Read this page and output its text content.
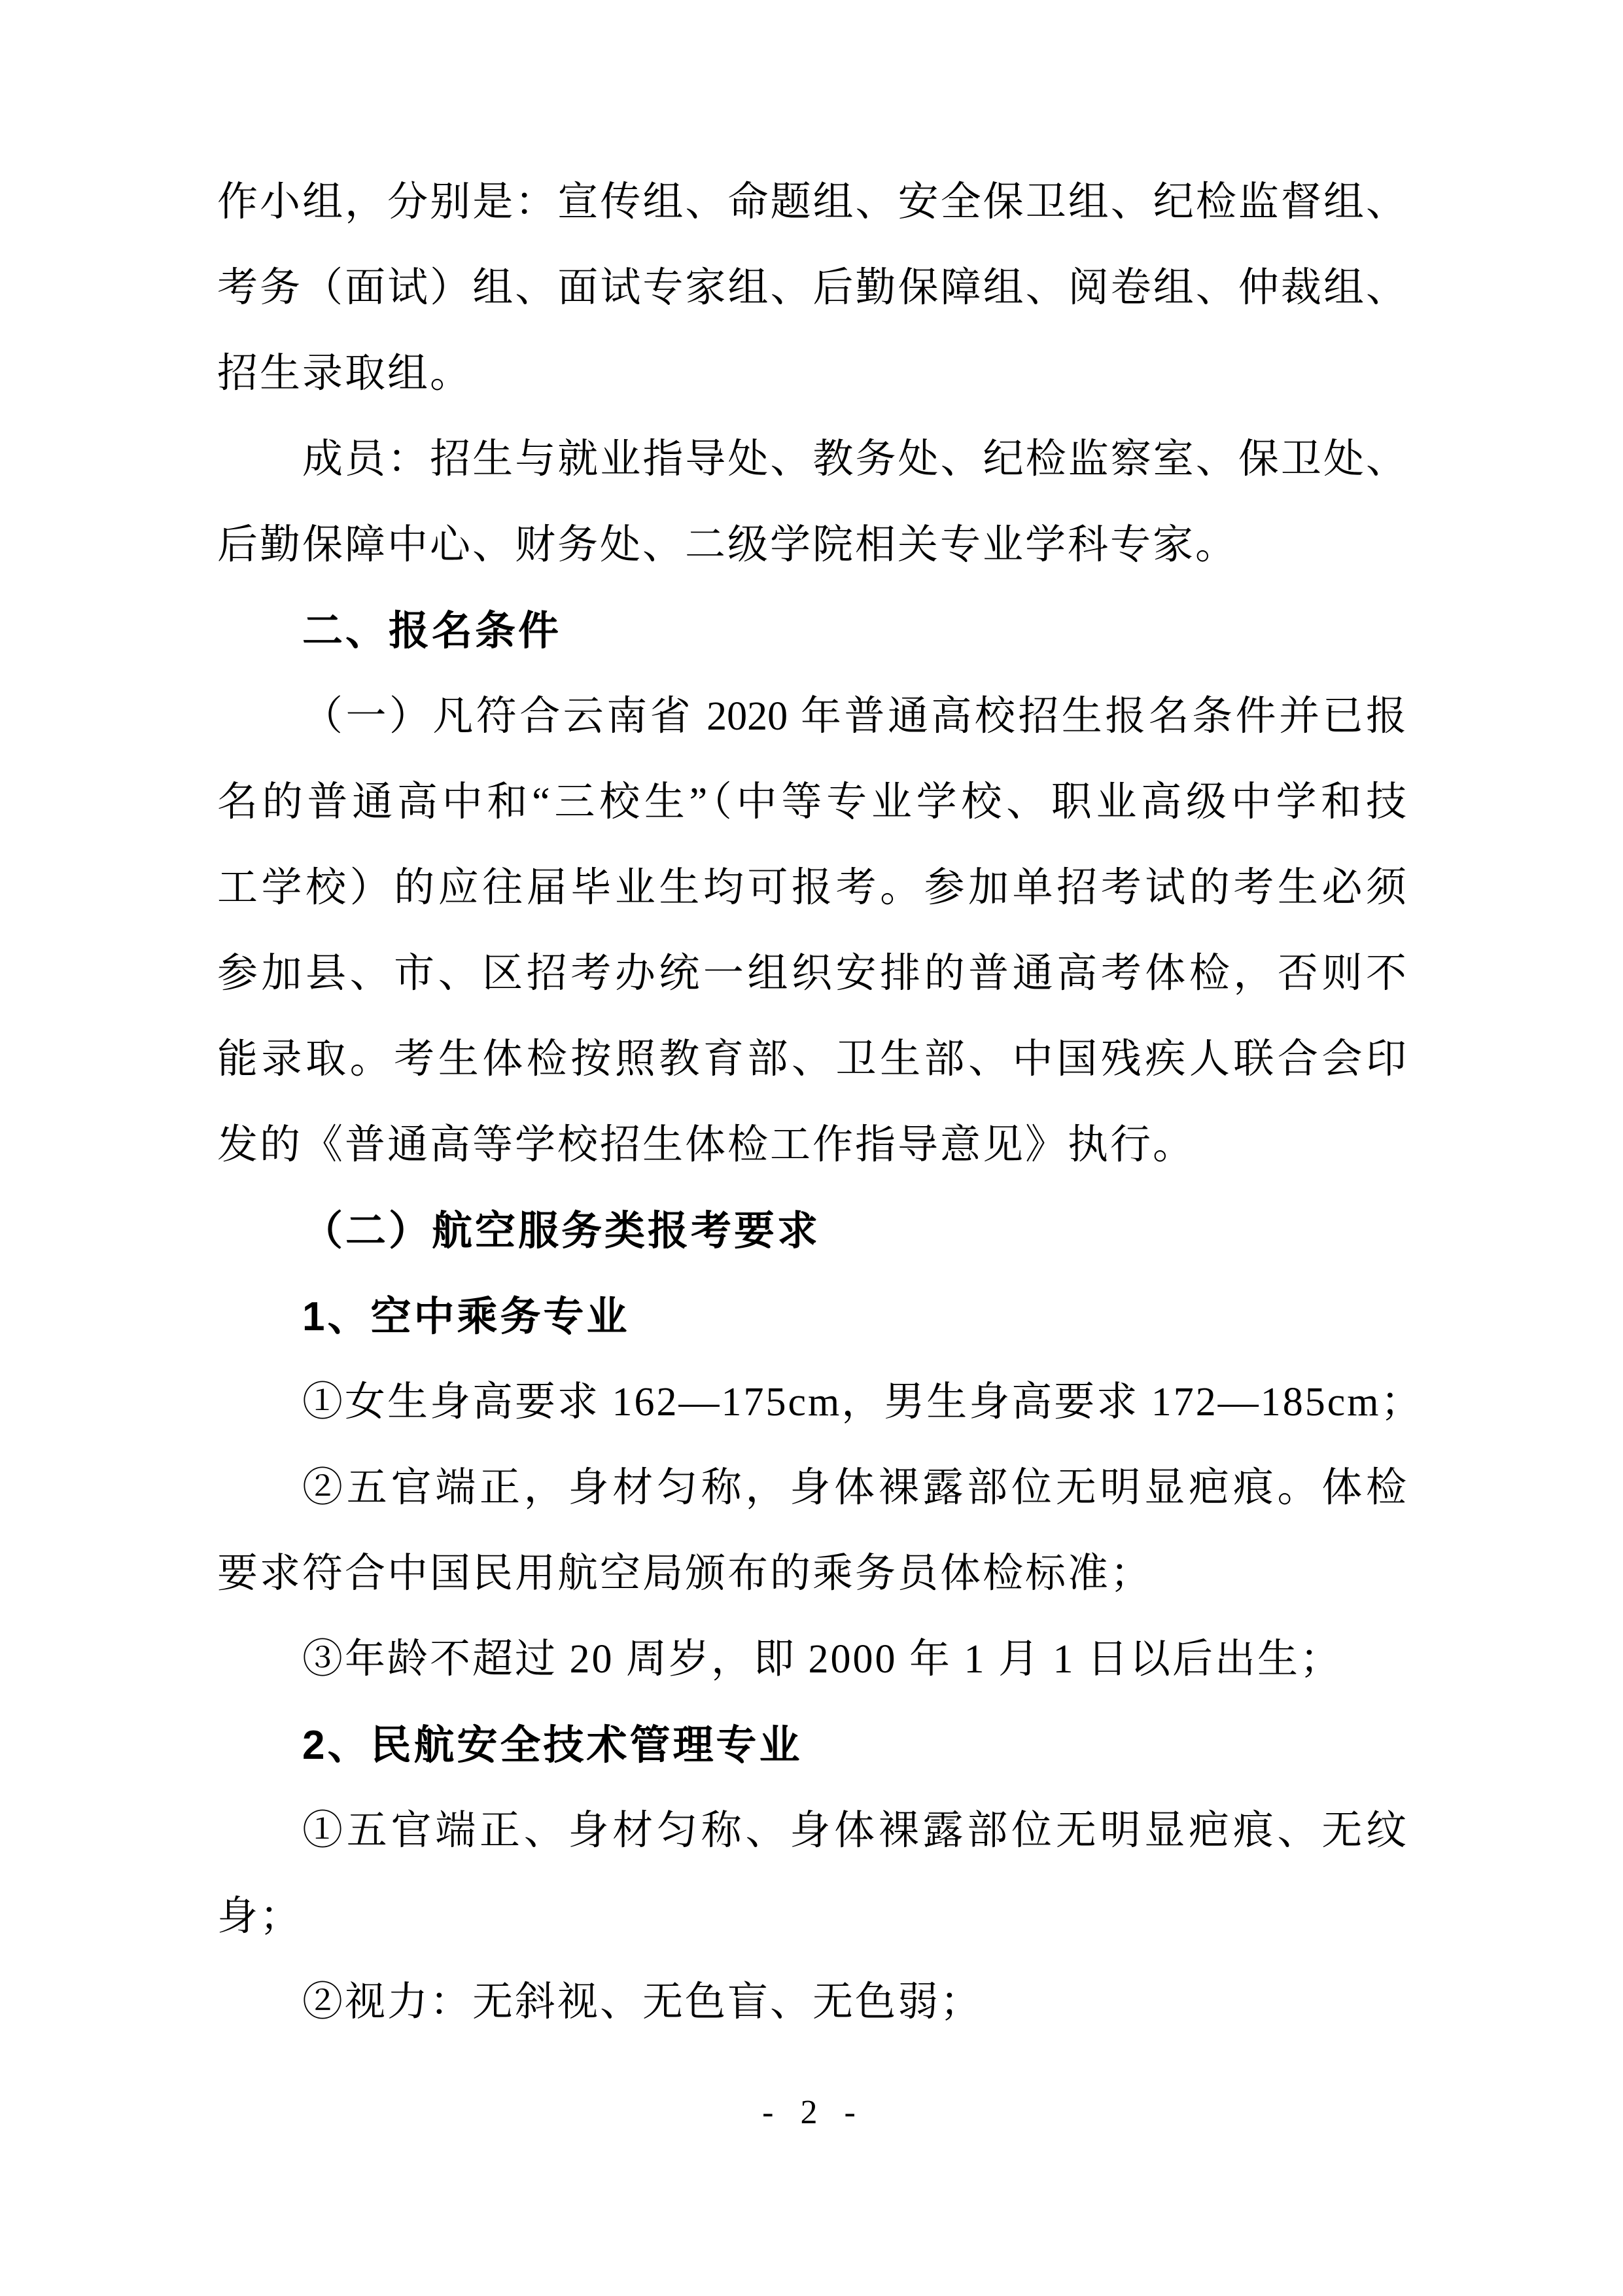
作小组，分别是：宣传组、命题组、安全保卫组、纪检监督组、
考务（面试）组、面试专家组、后勤保障组、阅卷组、仲裁组、
招生录取组。
成员：招生与就业指导处、教务处、纪检监察室、保卫处、
后勤保障中心、财务处、二级学院相关专业学科专家。
二、报名条件
（一）凡符合云南省 2020 年普通高校招生报名条件并已报
名的普通高中和“三校生”（中等专业学校、职业高级中学和技
工学校）的应往届毕业生均可报考。参加单招考试的考生必须
参加县、市、区招考办统一组织安排的普通高考体检，否则不
能录取。考生体检按照教育部、卫生部、中国残疾人联合会印
发的《普通高等学校招生体检工作指导意见》执行。
（二）航空服务类报考要求
1、空中乘务专业
①女生身高要求 162—175cm，男生身高要求 172—185cm；
②五官端正，身材匀称，身体裸露部位无明显疤痕。体检
要求符合中国民用航空局颁布的乘务员体检标准；
③年龄不超过 20 周岁，即 2000 年 1 月 1 日以后出生；
2、民航安全技术管理专业
①五官端正、身材匀称、身体裸露部位无明显疤痕、无纹
身；
②视力：无斜视、无色盲、无色弱；
- 2 -
